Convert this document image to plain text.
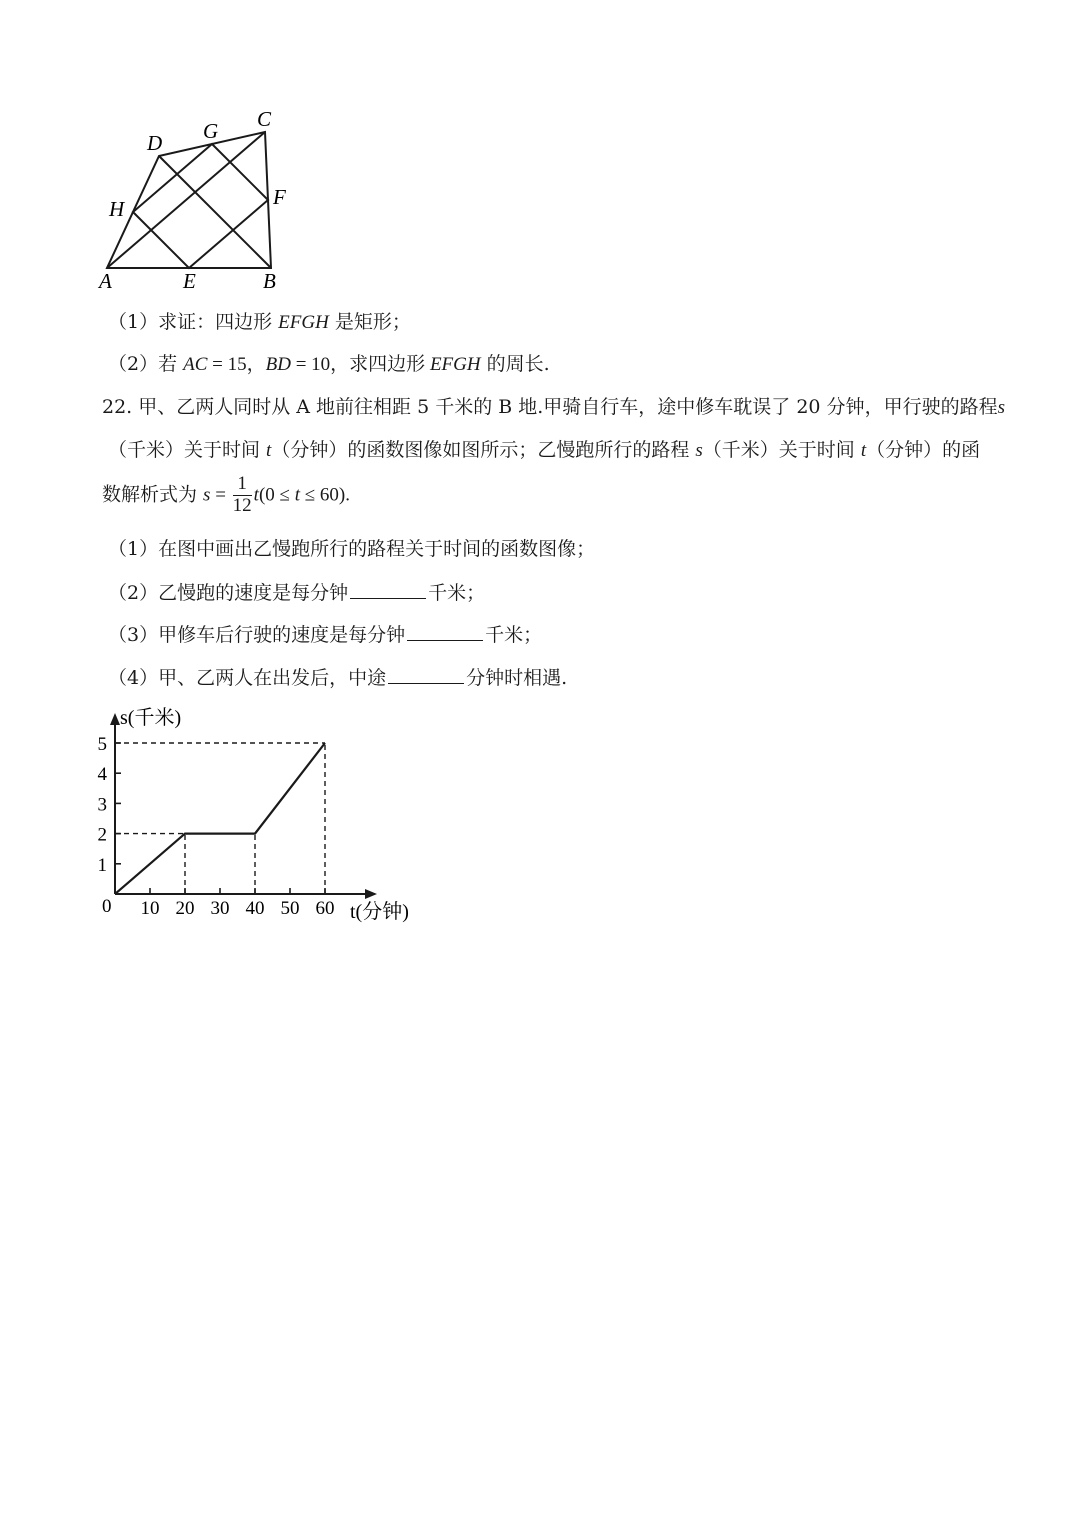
A	E	B
F
C
G
D
H
（1）求证：四边形 EFGH 是矩形；
（2）若 AC = 15，BD = 10，求四边形 EFGH 的周长.
22. 甲、乙两人同时从 A 地前往相距 5 千米的 B 地.甲骑自行车，途中修车耽误了 20 分钟，甲行驶的路程s
（千米）关于时间 t（分钟）的函数图像如图所示；乙慢跑所行的路程 s（千米）关于时间 t（分钟）的函
数解析式为 $s = \frac{1}{12} t(0 \le t \le 60)$.
（1）在图中画出乙慢跑所行的路程关于时间的函数图像；
（2）乙慢跑的速度是每分钟	千米；
（3）甲修车后行驶的速度是每分钟	千米；
（4）甲、乙两人在出发后，中途	分钟时相遇.
10 20 30 40 50 60
1
2
3
4
5
s(千米)
t(分钟)
0
